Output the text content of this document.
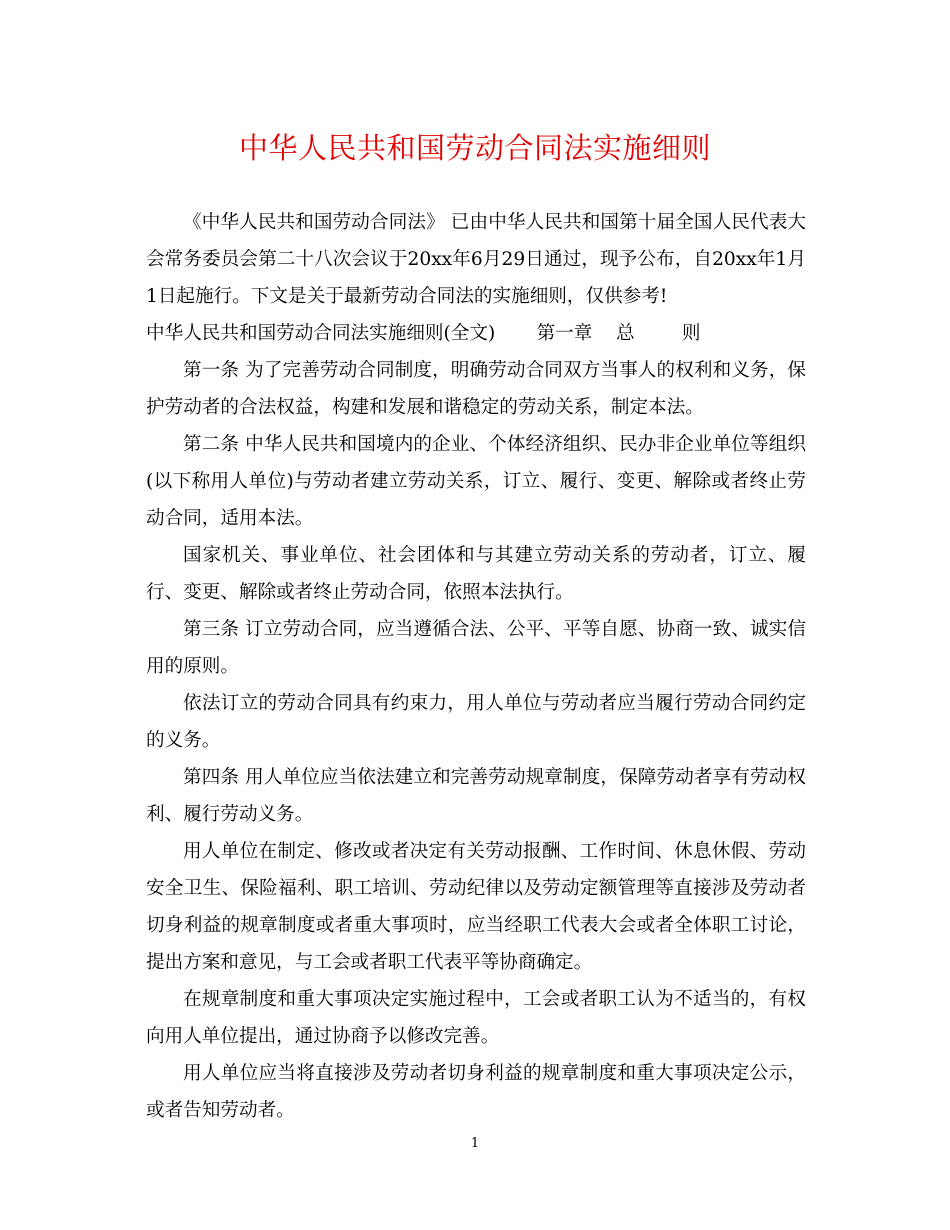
中华人民共和国劳动合同法实施细则

《中华人民共和国劳动合同法》 已由中华人民共和国第十届全国人民代表大会常务委员会第二十八次会议于20xx年6月29日通过，现予公布，自20xx年1月1日起施行。下文是关于最新劳动合同法的实施细则，仅供参考!

中华人民共和国劳动合同法实施细则(全文)       第一章    总        则

第一条 为了完善劳动合同制度，明确劳动合同双方当事人的权利和义务，保护劳动者的合法权益，构建和发展和谐稳定的劳动关系，制定本法。

第二条 中华人民共和国境内的企业、个体经济组织、民办非企业单位等组织(以下称用人单位)与劳动者建立劳动关系，订立、履行、变更、解除或者终止劳动合同，适用本法。

国家机关、事业单位、社会团体和与其建立劳动关系的劳动者，订立、履行、变更、解除或者终止劳动合同，依照本法执行。

第三条 订立劳动合同，应当遵循合法、公平、平等自愿、协商一致、诚实信用的原则。

依法订立的劳动合同具有约束力，用人单位与劳动者应当履行劳动合同约定的义务。

第四条 用人单位应当依法建立和完善劳动规章制度，保障劳动者享有劳动权利、履行劳动义务。

用人单位在制定、修改或者决定有关劳动报酬、工作时间、休息休假、劳动安全卫生、保险福利、职工培训、劳动纪律以及劳动定额管理等直接涉及劳动者切身利益的规章制度或者重大事项时，应当经职工代表大会或者全体职工讨论，提出方案和意见，与工会或者职工代表平等协商确定。

在规章制度和重大事项决定实施过程中，工会或者职工认为不适当的，有权向用人单位提出，通过协商予以修改完善。

用人单位应当将直接涉及劳动者切身利益的规章制度和重大事项决定公示，或者告知劳动者。

1
